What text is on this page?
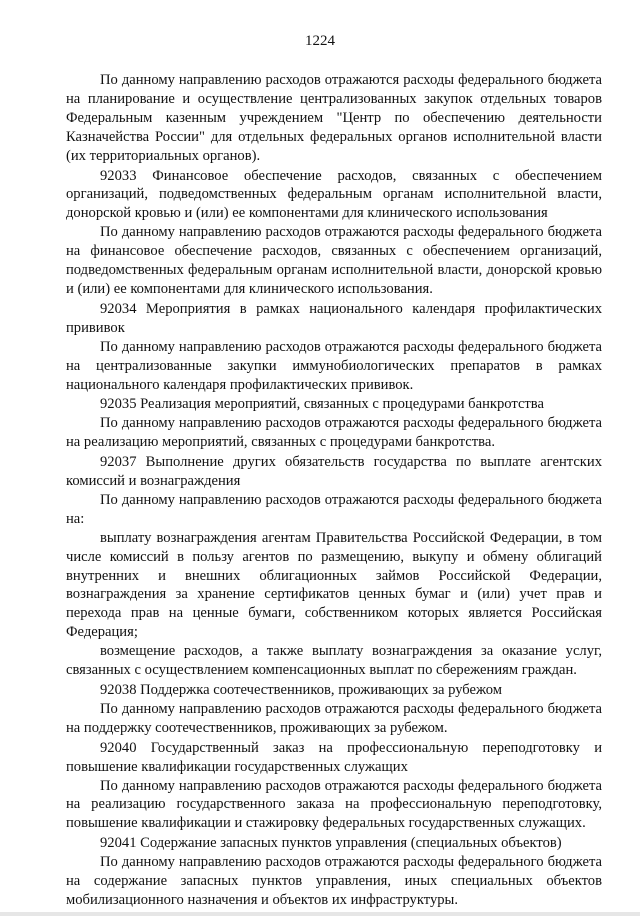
1224

По данному направлению расходов отражаются расходы федерального бюджета на планирование и осуществление централизованных закупок отдельных товаров Федеральным казенным учреждением "Центр по обеспечению деятельности Казначейства России" для отдельных федеральных органов исполнительной власти (их территориальных органов).

92033 Финансовое обеспечение расходов, связанных с обеспечением организаций, подведомственных федеральным органам исполнительной власти, донорской кровью и (или) ее компонентами для клинического использования

По данному направлению расходов отражаются расходы федерального бюджета на финансовое обеспечение расходов, связанных с обеспечением организаций, подведомственных федеральным органам исполнительной власти, донорской кровью и (или) ее компонентами для клинического использования.

92034 Мероприятия в рамках национального календаря профилактических прививок

По данному направлению расходов отражаются расходы федерального бюджета на централизованные закупки иммунобиологических препаратов в рамках национального календаря профилактических прививок.

92035 Реализация мероприятий, связанных с процедурами банкротства

По данному направлению расходов отражаются расходы федерального бюджета на реализацию мероприятий, связанных с процедурами банкротства.

92037 Выполнение других обязательств государства по выплате агентских комиссий и вознаграждения

По данному направлению расходов отражаются расходы федерального бюджета на:

выплату вознаграждения агентам Правительства Российской Федерации, в том числе комиссий в пользу агентов по размещению, выкупу и обмену облигаций внутренних и внешних облигационных займов Российской Федерации, вознаграждения за хранение сертификатов ценных бумаг и (или) учет прав и перехода прав на ценные бумаги, собственником которых является Российская Федерация;

возмещение расходов, а также выплату вознаграждения за оказание услуг, связанных с осуществлением компенсационных выплат по сбережениям граждан.

92038 Поддержка соотечественников, проживающих за рубежом

По данному направлению расходов отражаются расходы федерального бюджета на поддержку соотечественников, проживающих за рубежом.

92040 Государственный заказ на профессиональную переподготовку и повышение квалификации государственных служащих

По данному направлению расходов отражаются расходы федерального бюджета на реализацию государственного заказа на профессиональную переподготовку, повышение квалификации и стажировку федеральных государственных служащих.

92041 Содержание запасных пунктов управления (специальных объектов)

По данному направлению расходов отражаются расходы федерального бюджета на содержание запасных пунктов управления, иных специальных объектов мобилизационного назначения и объектов их инфраструктуры.
